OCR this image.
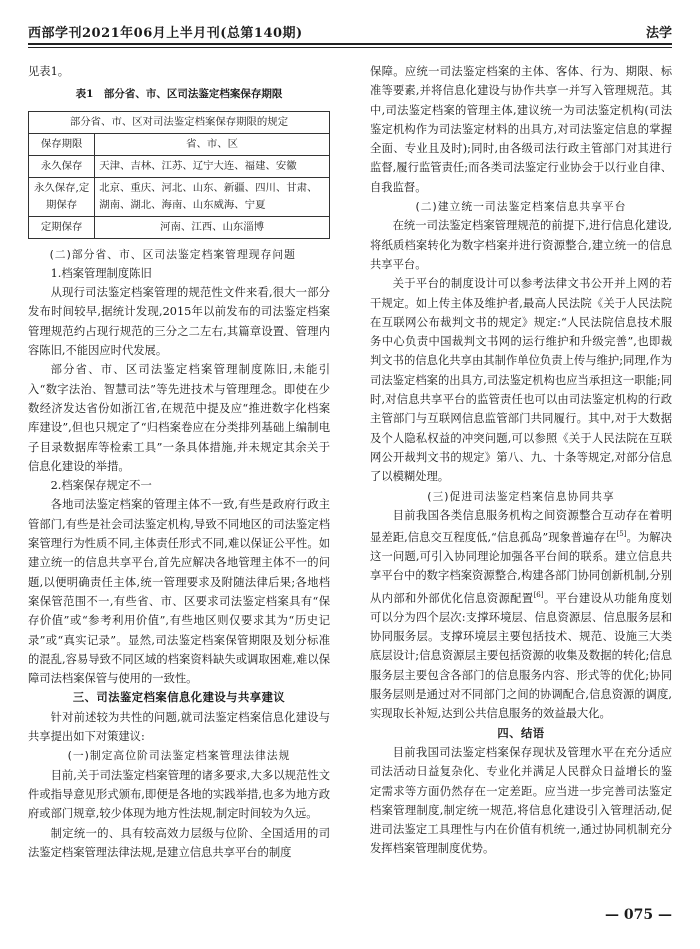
西部学刊2021年06月上半月刊(总第140期)	法学

见表1。

表1　部分省、市、区司法鉴定档案保存期限

部分省、市、区对司法鉴定档案保存期限的规定	
保存期限	省、市、区
永久保存	天津、吉林、江苏、辽宁大连、福建、安徽
永久保存,定期保存	北京、重庆、河北、山东、新疆、四川、甘肃、湖南、湖北、海南、山东威海、宁夏
定期保存	河南、江西、山东淄博

(二)部分省、市、区司法鉴定档案管理现存问题

1.档案管理制度陈旧

从现行司法鉴定档案管理的规范性文件来看,很大一部分发布时间较早,据统计发现,2015年以前发布的司法鉴定档案管理规范约占现行规范的三分之二左右,其篇章设置、管理内容陈旧,不能因应时代发展。

部分省、市、区司法鉴定档案管理制度陈旧,未能引入“数字法治、智慧司法”等先进技术与管理理念。即使在少数经济发达省份如浙江省,在规范中提及应“推进数字化档案库建设”,但也只规定了“归档案卷应在分类排列基础上编制电子目录数据库等检索工具”一条具体措施,并未规定其余关于信息化建设的举措。

2.档案保存规定不一

各地司法鉴定档案的管理主体不一致,有些是政府行政主管部门,有些是社会司法鉴定机构,导致不同地区的司法鉴定档案管理行为性质不同,主体责任形式不同,难以保证公平性。如建立统一的信息共享平台,首先应解决各地管理主体不一的问题,以便明确责任主体,统一管理要求及附随法律后果;各地档案保管范围不一,有些省、市、区要求司法鉴定档案具有“保存价值”或“参考利用价值”,有些地区则仅要求其为“历史记录”或“真实记录”。显然,司法鉴定档案保管期限及划分标准的混乱,容易导致不同区域的档案资料缺失或调取困难,难以保障司法档案保管与使用的一致性。

三、司法鉴定档案信息化建设与共享建议

针对前述较为共性的问题,就司法鉴定档案信息化建设与共享提出如下对策建议:

(一)制定高位阶司法鉴定档案管理法律法规

目前,关于司法鉴定档案管理的诸多要求,大多以规范性文件或指导意见形式颁布,即便是各地的实践举措,也多为地方政府或部门规章,较少体现为地方性法规,制定时间较为久远。

制定统一的、具有较高效力层级与位阶、全国适用的司法鉴定档案管理法律法规,是建立信息共享平台的制度

保障。应统一司法鉴定档案的主体、客体、行为、期限、标准等要素,并将信息化建设与协作共享一并写入管理规范。其中,司法鉴定档案的管理主体,建议统一为司法鉴定机构(司法鉴定机构作为司法鉴定材料的出具方,对司法鉴定信息的掌握全面、专业且及时);同时,由各级司法行政主管部门对其进行监督,履行监管责任;而各类司法鉴定行业协会于以行业自律、自我监督。

(二)建立统一司法鉴定档案信息共享平台

在统一司法鉴定档案管理规范的前提下,进行信息化建设,将纸质档案转化为数字档案并进行资源整合,建立统一的信息共享平台。

关于平台的制度设计可以参考法律文书公开并上网的若干规定。如上传主体及维护者,最高人民法院《关于人民法院在互联网公布裁判文书的规定》规定:“人民法院信息技术服务中心负责中国裁判文书网的运行维护和升级完善”,也即裁判文书的信息化共享由其制作单位负责上传与维护;同理,作为司法鉴定档案的出具方,司法鉴定机构也应当承担这一职能;同时,对信息共享平台的监管责任也可以由司法鉴定机构的行政主管部门与互联网信息监管部门共同履行。其中,对于大数据及个人隐私权益的冲突问题,可以参照《关于人民法院在互联网公开裁判文书的规定》第八、九、十条等规定,对部分信息了以模糊处理。

(三)促进司法鉴定档案信息协同共享

目前我国各类信息服务机构之间资源整合互动存在着明显差距,信息交互程度低,“信息孤岛”现象普遍存在[5]。为解决这一问题,可引入协同理论加强各平台间的联系。建立信息共享平台中的数字档案资源整合,构建各部门协同创新机制,分别从内部和外部优化信息资源配置[6]。平台建设从功能角度划可以分为四个层次:支撑环境层、信息资源层、信息服务层和协同服务层。支撑环境层主要包括技术、规范、设施三大类底层设计;信息资源层主要包括资源的收集及数据的转化;信息服务层主要包含各部门的信息服务内容、形式等的优化;协同服务层则是通过对不同部门之间的协调配合,信息资源的调度,实现取长补短,达到公共信息服务的效益最大化。

四、结语

目前我国司法鉴定档案保存现状及管理水平在充分适应司法活动日益复杂化、专业化并满足人民群众日益增长的鉴定需求等方面仍然存在一定差距。应当进一步完善司法鉴定档案管理制度,制定统一规范,将信息化建设引入管理活动,促进司法鉴定工具理性与内在价值有机统一,通过协同机制充分发挥档案管理制度优势。

— 075 —
